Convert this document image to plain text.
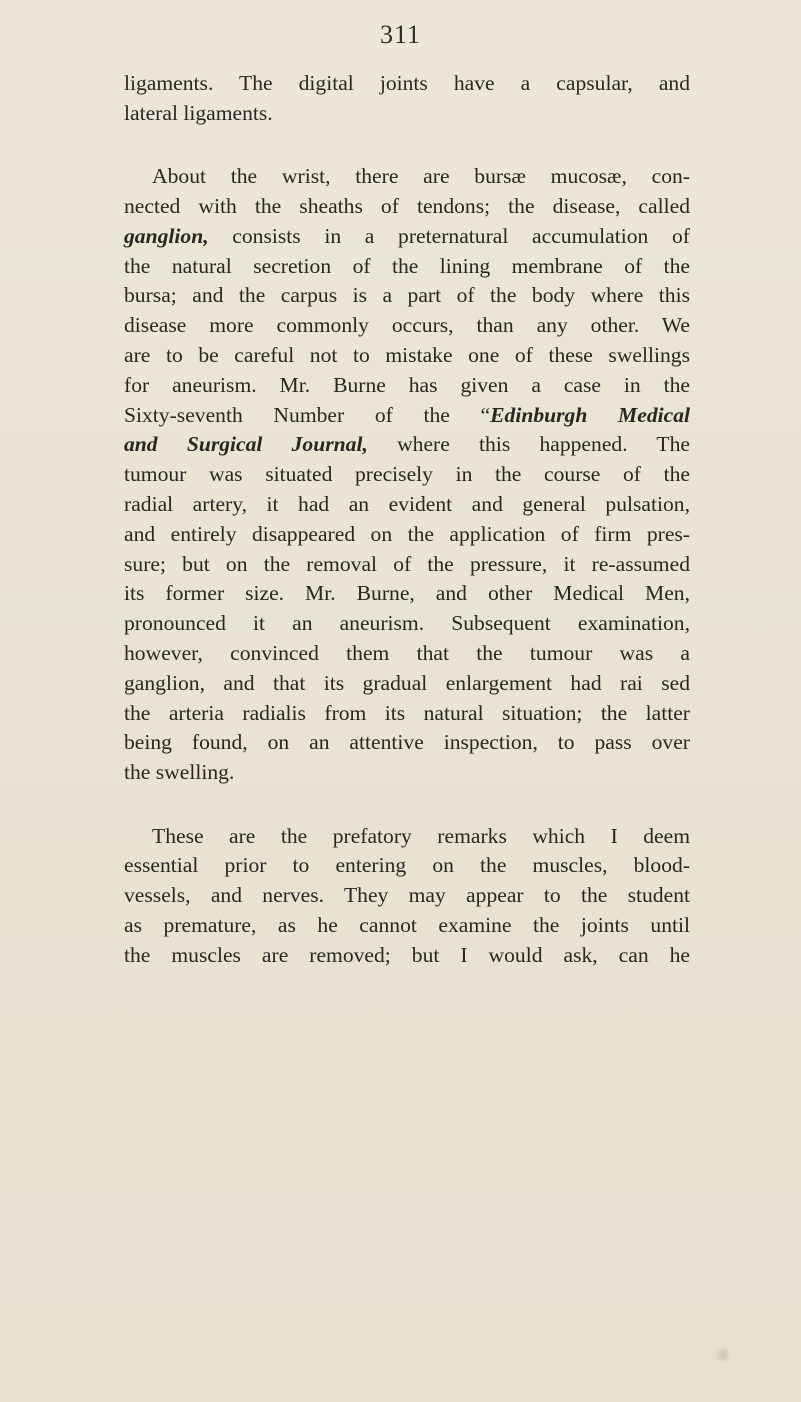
311
ligaments. The digital joints have a capsular, and
lateral ligaments.
About the wrist, there are bursæ mucosæ, con-
nected with the sheaths of tendons; the disease, called
ganglion, consists in a preternatural accumulation of
the natural secretion of the lining membrane of the
bursa; and the carpus is a part of the body where this
disease more commonly occurs, than any other. We
are to be careful not to mistake one of these swellings
for aneurism. Mr. Burne has given a case in the
Sixty-seventh Number of the “Edinburgh Medical
and Surgical Journal, where this happened. The
tumour was situated precisely in the course of the
radial artery, it had an evident and general pulsation,
and entirely disappeared on the application of firm pres-
sure; but on the removal of the pressure, it re-assumed
its former size. Mr. Burne, and other Medical Men,
pronounced it an aneurism. Subsequent examination,
however, convinced them that the tumour was a
ganglion, and that its gradual enlargement had rai sed
the arteria radialis from its natural situation; the latter
being found, on an attentive inspection, to pass over
the swelling.
These are the prefatory remarks which I deem
essential prior to entering on the muscles, blood-
vessels, and nerves. They may appear to the student
as premature, as he cannot examine the joints until
the muscles are removed; but I would ask, can he
